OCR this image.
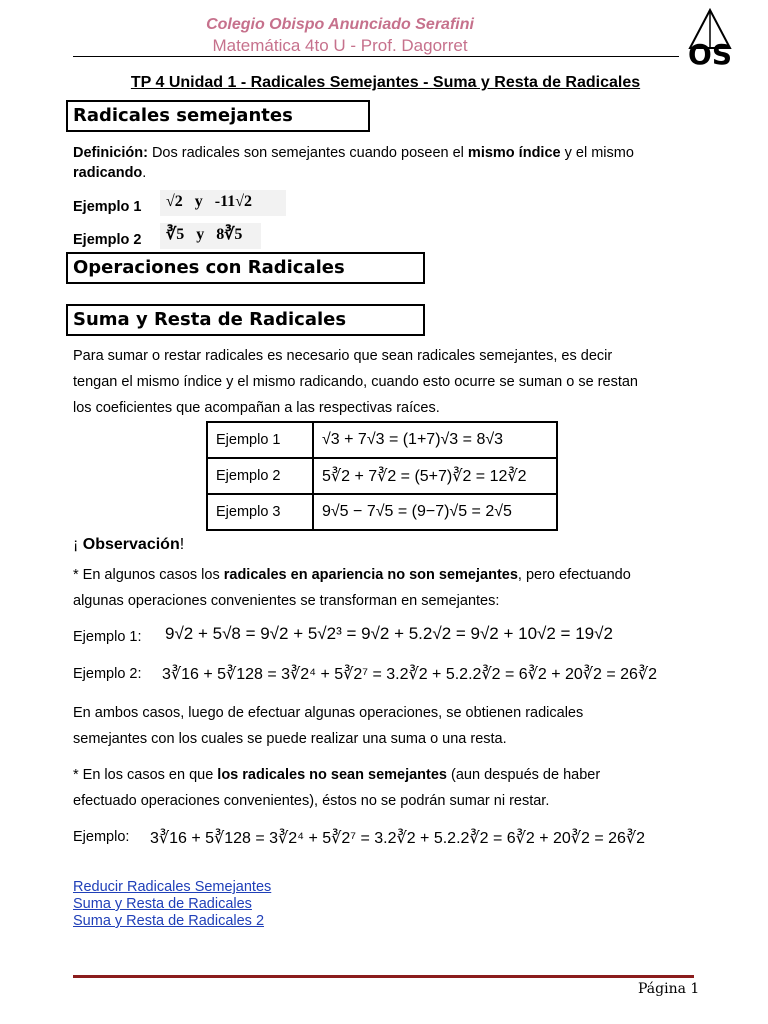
Colegio Obispo Anunciado Serafini
Matemática 4to U - Prof. Dagorret	OS
TP 4 Unidad 1 - Radicales Semejantes - Suma y Resta de Radicales
Radicales semejantes
Definición: Dos radicales son semejantes cuando poseen el mismo índice y el mismo
radicando.
Ejemplo 1	√2   y   -11√2
Ejemplo 2	∛5   y   8∛5
Operaciones con Radicales
Suma y Resta de Radicales
Para sumar o restar radicales es necesario que sean radicales semejantes, es decir
tengan el mismo índice y el mismo radicando, cuando esto ocurre se suman o se restan
los coeficientes que acompañan a las respectivas raíces.
Ejemplo 1	√3 + 7√3 = (1+7)√3 = 8√3
Ejemplo 2	5∛2 + 7∛2 = (5+7)∛2 = 12∛2
Ejemplo 3	9√5 − 7√5 = (9−7)√5 = 2√5
¡ Observación!
* En algunos casos los radicales en apariencia no son semejantes, pero efectuando
algunas operaciones convenientes se transforman en semejantes:
Ejemplo 1: 9√2 + 5√8 = 9√2 + 5√2³ = 9√2 + 5.2√2 = 9√2 + 10√2 = 19√2
Ejemplo 2: 3∛16 + 5∛128 = 3∛2⁴ + 5∛2⁷ = 3.2∛2 + 5.2.2∛2 = 6∛2 + 20∛2 = 26∛2
En ambos casos, luego de efectuar algunas operaciones, se obtienen radicales
semejantes con los cuales se puede realizar una suma o una resta.
* En los casos en que los radicales no sean semejantes (aun después de haber
efectuado operaciones convenientes), éstos no se podrán sumar ni restar.
Ejemplo: 3∛16 + 5∛128 = 3∛2⁴ + 5∛2⁷ = 3.2∛2 + 5.2.2∛2 = 6∛2 + 20∛2 = 26∛2
Reducir Radicales Semejantes
Suma y Resta de Radicales
Suma y Resta de Radicales 2
Página 1
